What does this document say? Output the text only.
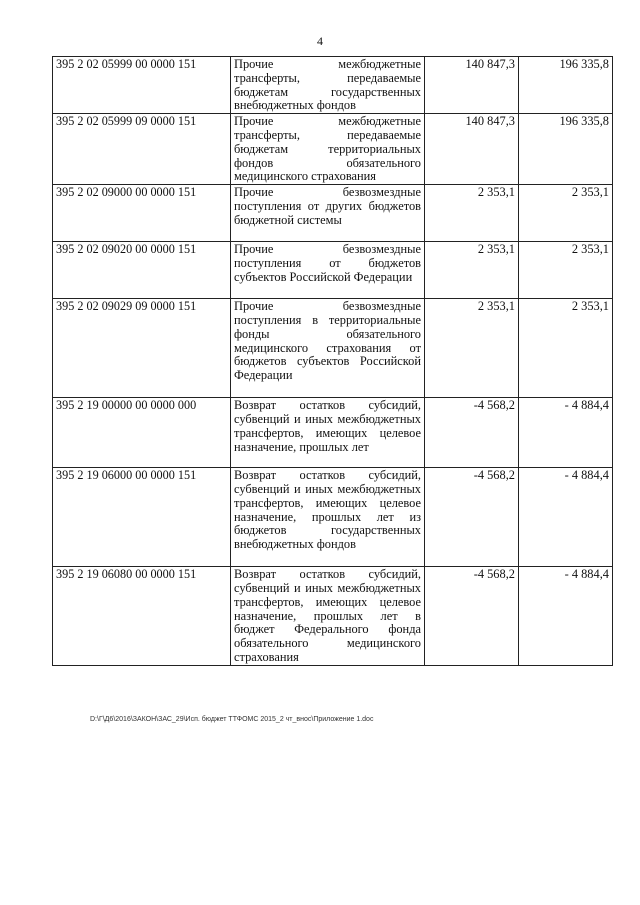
4
395 2 02 05999 00 0000 151	Прочие межбюджетные трансферты, передаваемые бюджетам государственных внебюджетных фондов	140 847,3	196 335,8
395 2 02 05999 09 0000 151	Прочие межбюджетные трансферты, передаваемые бюджетам территориальных фондов обязательного медицинского страхования	140 847,3	196 335,8
395 2 02 09000 00 0000 151	Прочие безвозмездные поступления от других бюджетов бюджетной системы	2 353,1	2 353,1
395 2 02 09020 00 0000 151	Прочие безвозмездные поступления от бюджетов субъектов Российской Федерации	2 353,1	2 353,1
395 2 02 09029 09 0000 151	Прочие безвозмездные поступления в территориальные фонды обязательного медицинского страхования от бюджетов субъектов Российской Федерации	2 353,1	2 353,1
395 2 19 00000 00 0000 000	Возврат остатков субсидий, субвенций и иных межбюджетных трансфертов, имеющих целевое назначение, прошлых лет	-4 568,2	- 4 884,4
395 2 19 06000 00 0000 151	Возврат остатков субсидий, субвенций и иных межбюджетных трансфертов, имеющих целевое назначение, прошлых лет из бюджетов государственных внебюджетных фондов	-4 568,2	- 4 884,4
395 2 19 06080 00 0000 151	Возврат остатков субсидий, субвенций и иных межбюджетных трансфертов, имеющих целевое назначение, прошлых лет в бюджет Федерального фонда обязательного медицинского страхования	-4 568,2	- 4 884,4
D:\Г\Д6\2016\ЗАКОН\ЗАС_29\Исп. бюджет ТТФОМС 2015_2 чт_внос\Приложение 1.doc
